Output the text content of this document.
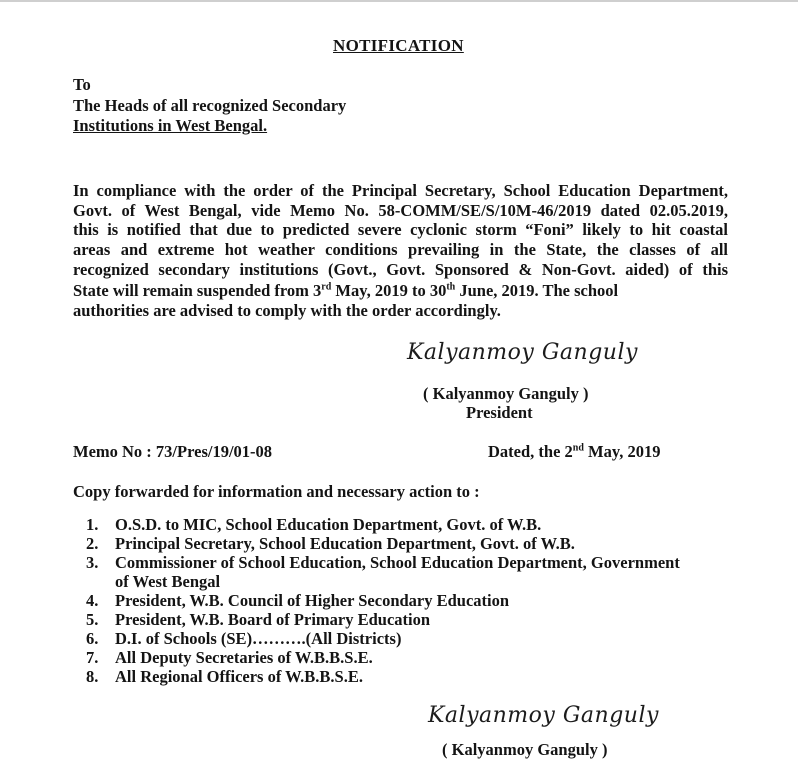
NOTIFICATION
To
The Heads of all recognized Secondary
Institutions in West Bengal.
In compliance with the order of the Principal Secretary, School Education Department,
Govt. of West Bengal, vide Memo No. 58-COMM/SE/S/10M-46/2019 dated 02.05.2019,
this is notified that due to predicted severe cyclonic storm “Foni” likely to hit coastal
areas and extreme hot weather conditions prevailing in the State, the classes of all
recognized secondary institutions (Govt., Govt. Sponsored & Non-Govt. aided) of this
State will remain suspended from 3rd May, 2019 to 30th June, 2019. The school
authorities are advised to comply with the order accordingly.
Kalyanmoy Ganguly
( Kalyanmoy Ganguly )
President
Memo No : 73/Pres/19/01-08	Dated, the 2nd May, 2019
Copy forwarded for information and necessary action to :
1. O.S.D. to MIC, School Education Department, Govt. of W.B.
2. Principal Secretary, School Education Department, Govt. of W.B.
3. Commissioner of School Education, School Education Department, Government
of West Bengal
4. President, W.B. Council of Higher Secondary Education
5. President, W.B. Board of Primary Education
6. D.I. of Schools (SE)……….(All Districts)
7. All Deputy Secretaries of W.B.B.S.E.
8. All Regional Officers of W.B.B.S.E.
Kalyanmoy Ganguly
( Kalyanmoy Ganguly )
